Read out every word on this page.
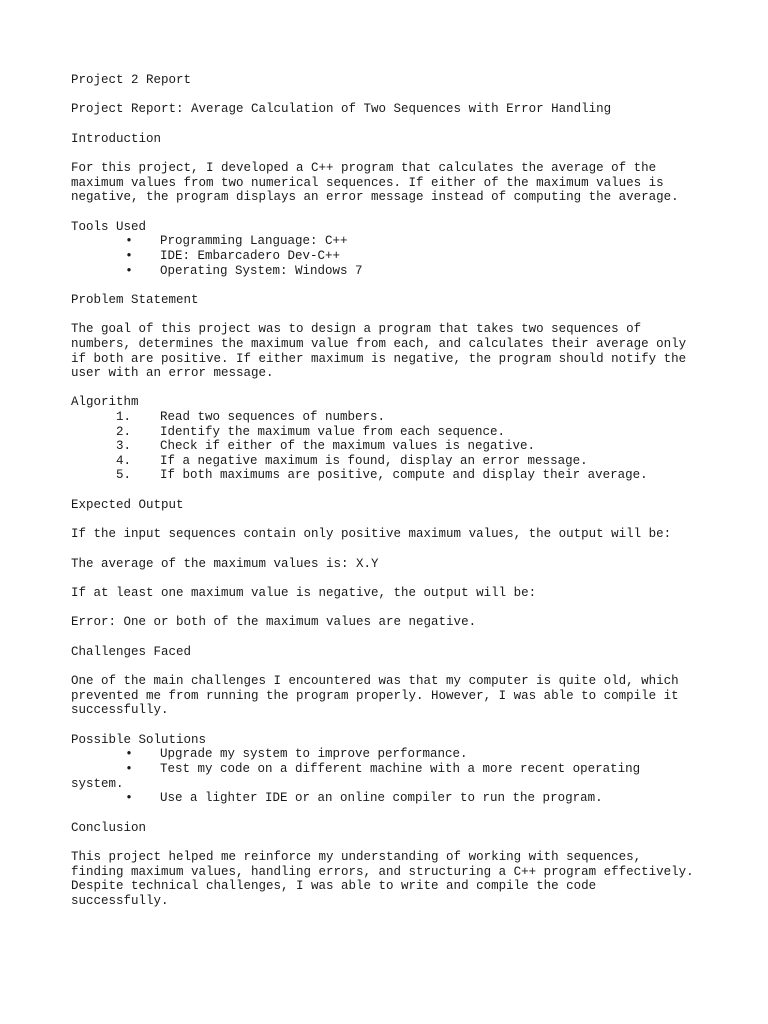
Project 2 Report

Project Report: Average Calculation of Two Sequences with Error Handling

Introduction

For this project, I developed a C++ program that calculates the average of the
maximum values from two numerical sequences. If either of the maximum values is
negative, the program displays an error message instead of computing the average.

Tools Used

•	Programming Language: C++
•	IDE: Embarcadero Dev-C++
•	Operating System: Windows 7

Problem Statement

The goal of this project was to design a program that takes two sequences of
numbers, determines the maximum value from each, and calculates their average only
if both are positive. If either maximum is negative, the program should notify the
user with an error message.

Algorithm

1. Read two sequences of numbers.
2. Identify the maximum value from each sequence.
3. Check if either of the maximum values is negative.
4. If a negative maximum is found, display an error message.
5. If both maximums are positive, compute and display their average.

Expected Output

If the input sequences contain only positive maximum values, the output will be:

The average of the maximum values is: X.Y

If at least one maximum value is negative, the output will be:

Error: One or both of the maximum values are negative.

Challenges Faced

One of the main challenges I encountered was that my computer is quite old, which
prevented me from running the program properly. However, I was able to compile it
successfully.

Possible Solutions

•	Upgrade my system to improve performance.
•	Test my code on a different machine with a more recent operating
system.
•	Use a lighter IDE or an online compiler to run the program.

Conclusion

This project helped me reinforce my understanding of working with sequences,
finding maximum values, handling errors, and structuring a C++ program effectively.
Despite technical challenges, I was able to write and compile the code
successfully.
